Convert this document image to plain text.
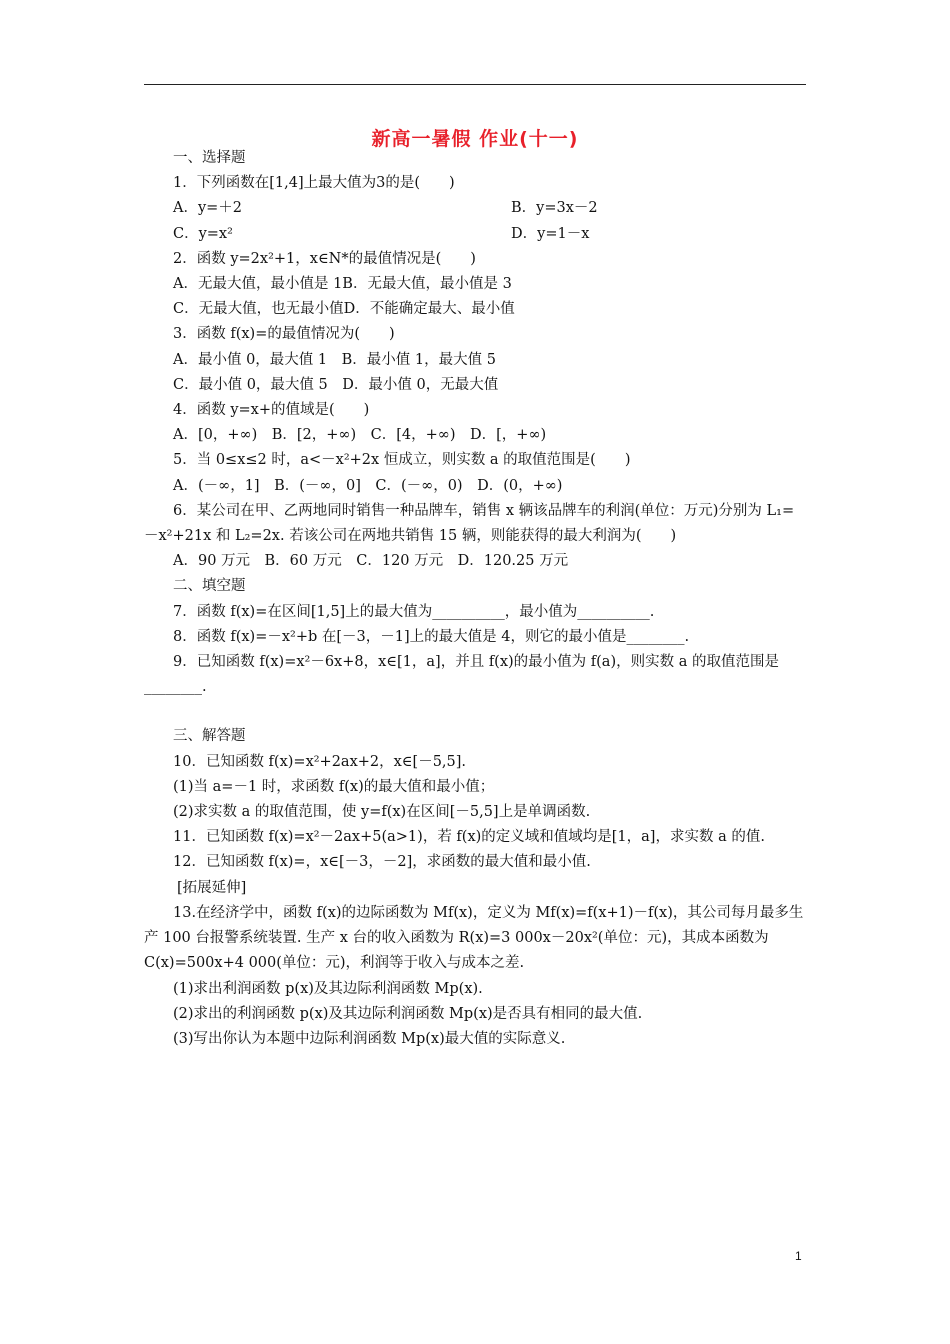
新高一暑假 作业(十一)
一、选择题
1．下列函数在[1,4]上最大值为3的是(　　)
A．y=＋2	B．y=3x－2
C．y=x²	D．y=1－x
2．函数 y=2x²+1，x∈N*的最值情况是(　　)
A．无最大值，最小值是 1B．无最大值，最小值是 3
C．无最大值，也无最小值D．不能确定最大、最小值
3．函数 f(x)=的最值情况为(　　)
A．最小值 0，最大值 1　B．最小值 1，最大值 5
C．最小值 0，最大值 5　D．最小值 0，无最大值
4．函数 y=x+的值域是(　　)
A．[0，+∞)　B．[2，+∞)　C．[4，+∞)　D．[，+∞)
5．当 0≤x≤2 时，a<－x²+2x 恒成立，则实数 a 的取值范围是(　　)
A．(－∞，1]　B．(－∞，0]　C．(－∞，0)　D．(0，+∞)
6．某公司在甲、乙两地同时销售一种品牌车，销售 x 辆该品牌车的利润(单位：万元)分别为 L₁=－x²+21x 和 L₂=2x. 若该公司在两地共销售 15 辆，则能获得的最大利润为(　　)
A．90 万元　B．60 万元　C．120 万元　D．120.25 万元
二、填空题
7．函数 f(x)=在区间[1,5]上的最大值为__________，最小值为__________.
8．函数 f(x)=－x²+b 在[－3，－1]上的最大值是 4，则它的最小值是________.
9．已知函数 f(x)=x²－6x+8，x∈[1，a]，并且 f(x)的最小值为 f(a)，则实数 a 的取值范围是________.
三、解答题
10．已知函数 f(x)=x²+2ax+2，x∈[－5,5].
(1)当 a=－1 时，求函数 f(x)的最大值和最小值；
(2)求实数 a 的取值范围，使 y=f(x)在区间[－5,5]上是单调函数.
11．已知函数 f(x)=x²－2ax+5(a>1)，若 f(x)的定义域和值域均是[1，a]，求实数 a 的值.
12．已知函数 f(x)=，x∈[－3，－2]，求函数的最大值和最小值.
[拓展延伸]
13.在经济学中，函数 f(x)的边际函数为 Mf(x)，定义为 Mf(x)=f(x+1)－f(x)，其公司每月最多生产 100 台报警系统装置. 生产 x 台的收入函数为 R(x)=3 000x－20x²(单位：元)，其成本函数为 C(x)=500x+4 000(单位：元)，利润等于收入与成本之差.
(1)求出利润函数 p(x)及其边际利润函数 Mp(x).
(2)求出的利润函数 p(x)及其边际利润函数 Mp(x)是否具有相同的最大值.
(3)写出你认为本题中边际利润函数 Mp(x)最大值的实际意义.
1
